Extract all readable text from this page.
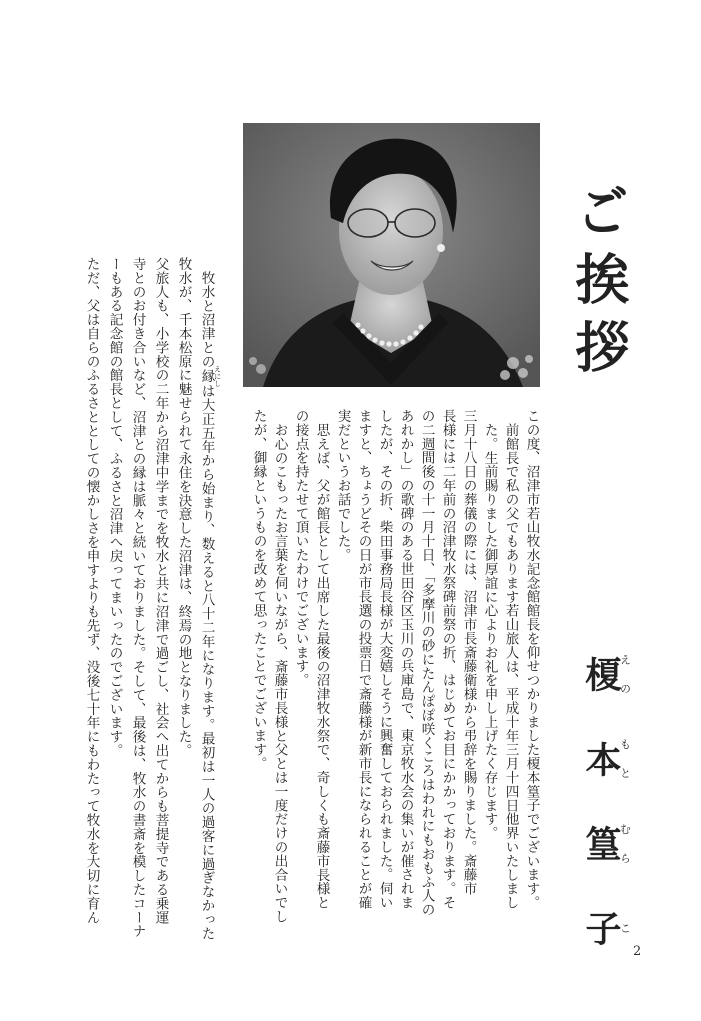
ご挨拶
榎えの 本もと 篁むら 子こ
この度、沼津市若山牧水記念館館長を仰せつかりました榎本篁子でございます。
前館長で私の父でもあります若山旅人は、平成十年三月十四日他界いたしまし
た。生前賜りました御厚誼に心よりお礼を申し上げたく存じます。
三月十八日の葬儀の際には、沼津市長斎藤衛様から弔辞を賜りました。斎藤市
長様には二年前の沼津牧水祭碑前祭の折、はじめてお目にかかっております。そ
の二週間後の十一月十日、「多摩川の砂にたんぽぽ咲くころはわれにもおもふ人の
あれかし」の歌碑のある世田谷区玉川の兵庫島で、東京牧水会の集いが催されま
したが、その折、柴田事務局長様が大変嬉しそうに興奮しておられました。伺い
ますと、ちょうどその日が市長選の投票日で斎藤様が新市長になられることが確
実だというお話でした。
思えば、父が館長として出席した最後の沼津牧水祭で、奇しくも斎藤市長様と
の接点を持たせて頂いたわけでございます。
お心のこもったお言葉を伺いながら、斎藤市長様と父とは一度だけの出合いでし
たが、御縁というものを改めて思ったことでございます。
牧水と沼津との縁 えにしは大正五年から始まり、数えると八十二年になります。最初は一人の過客に過ぎなかった
牧水が、千本松原に魅せられて永住を決意した沼津は、終焉の地となりました。
父旅人も、小学校の二年から沼津中学までを牧水と共に沼津で過ごし、社会へ出てからも菩提寺である乗運
寺とのお付き合いなど、沼津との縁は脈々と続いておりました。そして、最後は、牧水の書斎を模したコーナ
ーもある記念館の館長として、ふるさと沼津へ戻ってまいったのでございます。
ただ、父は自らのふるさととしての懐かしさを申すよりも先ず、没後七十年にもわたって牧水を大切に育ん
2
